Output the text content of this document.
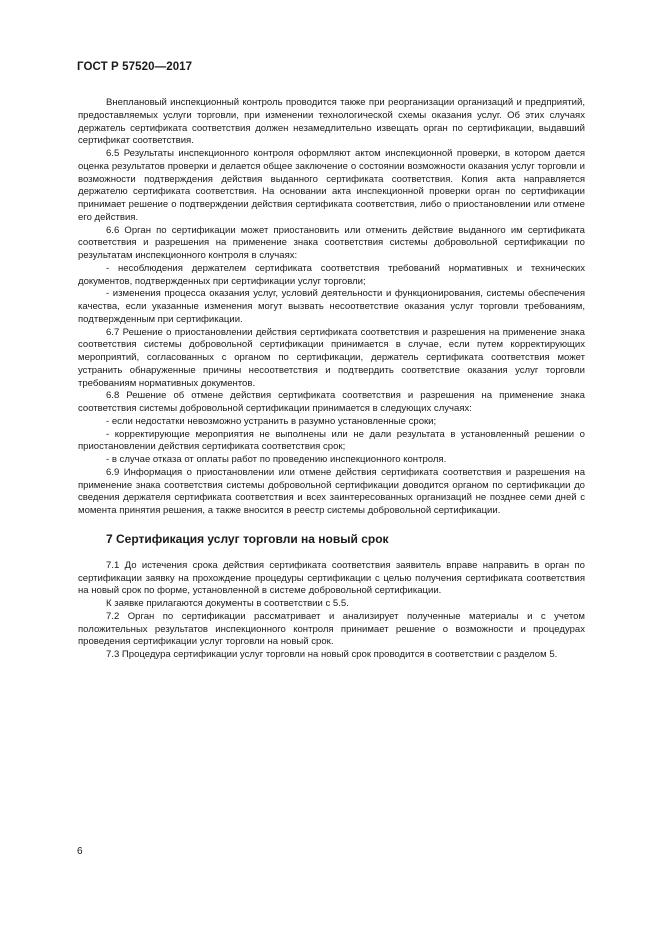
ГОСТ Р 57520—2017

Внеплановый инспекционный контроль проводится также при реорганизации организаций и предприятий, предоставляемых услуги торговли, при изменении технологической схемы оказания услуг. Об этих случаях держатель сертификата соответствия должен незамедлительно извещать орган по сертификации, выдавший сертификат соответствия.

6.5 Результаты инспекционного контроля оформляют актом инспекционной проверки, в котором дается оценка результатов проверки и делается общее заключение о состоянии возможности оказания услуг торговли и возможности подтверждения действия выданного сертификата соответствия. Копия акта направляется держателю сертификата соответствия. На основании акта инспекционной проверки орган по сертификации принимает решение о подтверждении действия сертификата соответствия, либо о приостановлении или отмене его действия.

6.6 Орган по сертификации может приостановить или отменить действие выданного им сертификата соответствия и разрешения на применение знака соответствия системы добровольной сертификации по результатам инспекционного контроля в случаях:

- несоблюдения держателем сертификата соответствия требований нормативных и технических документов, подтвержденных при сертификации услуг торговли;

- изменения процесса оказания услуг, условий деятельности и функционирования, системы обеспечения качества, если указанные изменения могут вызвать несоответствие оказания услуг торговли требованиям, подтвержденным при сертификации.

6.7 Решение о приостановлении действия сертификата соответствия и разрешения на применение знака соответствия системы добровольной сертификации принимается в случае, если путем корректирующих мероприятий, согласованных с органом по сертификации, держатель сертификата соответствия может устранить обнаруженные причины несоответствия и подтвердить соответствие оказания услуг торговли требованиям нормативных документов.

6.8 Решение об отмене действия сертификата соответствия и разрешения на применение знака соответствия системы добровольной сертификации принимается в следующих случаях:

- если недостатки невозможно устранить в разумно установленные сроки;

- корректирующие мероприятия не выполнены или не дали результата в установленный решении о приостановлении действия сертификата соответствия срок;

- в случае отказа от оплаты работ по проведению инспекционного контроля.

6.9 Информация о приостановлении или отмене действия сертификата соответствия и разрешения на применение знака соответствия системы добровольной сертификации доводится органом по сертификации до сведения держателя сертификата соответствия и всех заинтересованных организаций не позднее семи дней с момента принятия решения, а также вносится в реестр системы добровольной сертификации.

7 Сертификация услуг торговли на новый срок

7.1 До истечения срока действия сертификата соответствия заявитель вправе направить в орган по сертификации заявку на прохождение процедуры сертификации с целью получения сертификата соответствия на новый срок по форме, установленной в системе добровольной сертификации.

К заявке прилагаются документы в соответствии с 5.5.

7.2 Орган по сертификации рассматривает и анализирует полученные материалы и с учетом положительных результатов инспекционного контроля принимает решение о возможности и процедурах проведения сертификации услуг торговли на новый срок.

7.3 Процедура сертификации услуг торговли на новый срок проводится в соответствии с разделом 5.

6
